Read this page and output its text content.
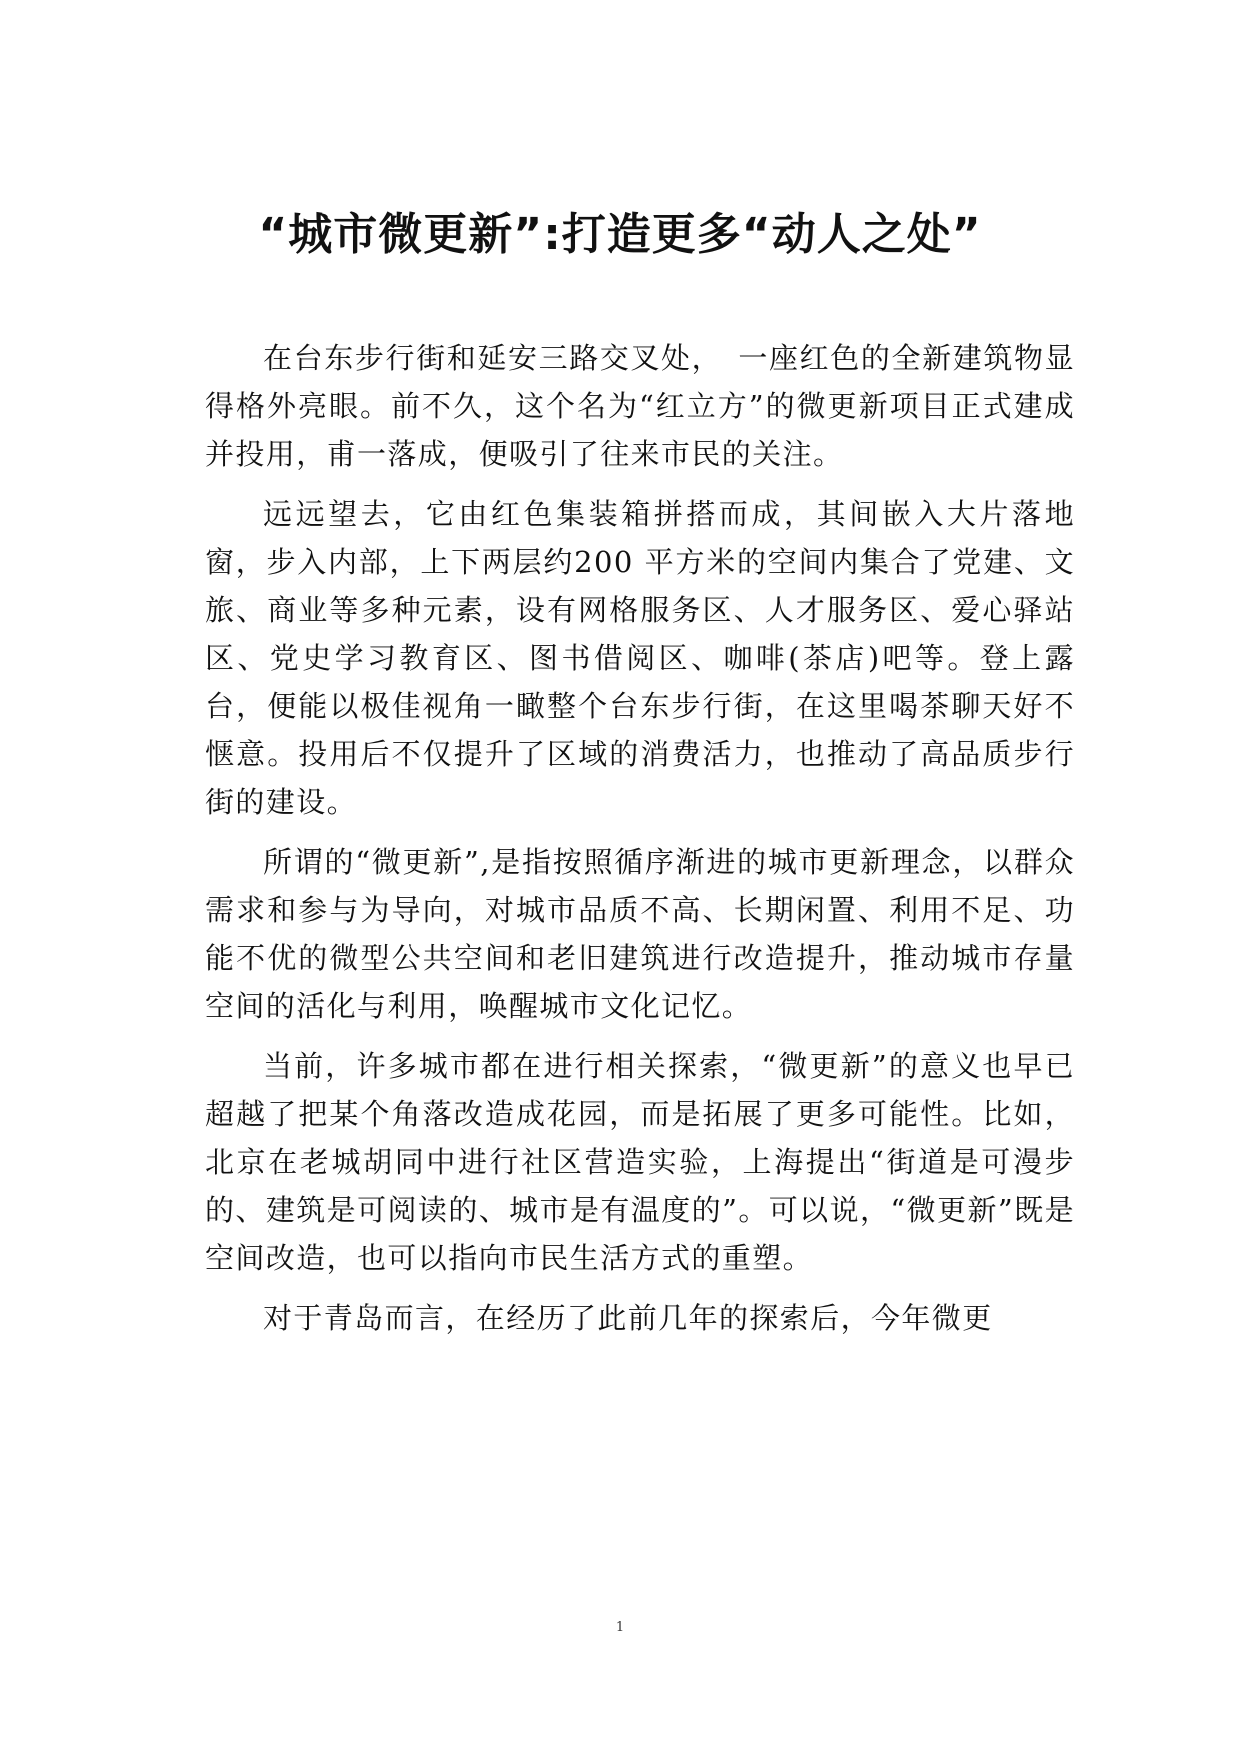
“城市微更新”:打造更多“动人之处”

在台东步行街和延安三路交叉处，　一座红色的全新建筑物显得格外亮眼。前不久，这个名为“红立方”的微更新项目正式建成并投用，甫一落成，便吸引了往来市民的关注。

远远望去，它由红色集装箱拼搭而成，其间嵌入大片落地窗，步入内部，上下两层约200 平方米的空间内集合了党建、文旅、商业等多种元素，设有网格服务区、人才服务区、爱心驿站区、党史学习教育区、图书借阅区、咖啡(茶店)吧等。登上露台，便能以极佳视角一瞰整个台东步行街，在这里喝茶聊天好不惬意。投用后不仅提升了区域的消费活力，也推动了高品质步行街的建设。

所谓的“微更新”,是指按照循序渐进的城市更新理念，以群众需求和参与为导向，对城市品质不高、长期闲置、利用不足、功能不优的微型公共空间和老旧建筑进行改造提升，推动城市存量空间的活化与利用，唤醒城市文化记忆。

当前，许多城市都在进行相关探索，“微更新”的意义也早已超越了把某个角落改造成花园，而是拓展了更多可能性。比如，北京在老城胡同中进行社区营造实验，上海提出“街道是可漫步的、建筑是可阅读的、城市是有温度的”。可以说，“微更新”既是空间改造，也可以指向市民生活方式的重塑。

对于青岛而言，在经历了此前几年的探索后，今年微更

1
